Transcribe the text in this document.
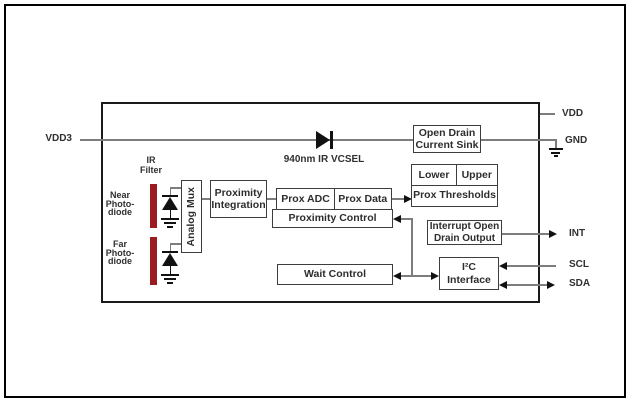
Analog Mux Proximity
Integration
Prox ADC Prox Data
Proximity Control
Wait Control
Lower Upper
Prox Thresholds
Open Drain
Current Sink
Interrupt Open
Drain Output
I²C
Interface
VDD3
VDD
GND
INT
SCL
SDA
IR
Filter
Near
Photo-
diode
Far
Photo-
diode
940nm IR VCSEL
